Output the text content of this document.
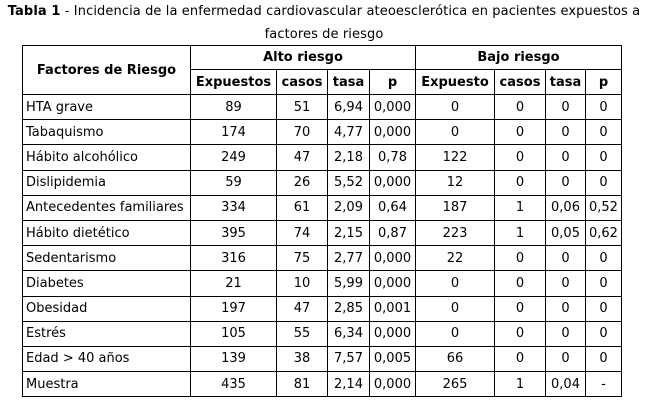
Tabla 1 - Incidencia de la enfermedad cardiovascular ateoesclerótica en pacientes expuestos a factores de riesgo
Factores de Riesgo	Alto riesgo				Bajo riesgo			
	Expuestos	casos	tasa	p	Expuesto	casos	tasa	p
HTA grave	89	51	6,94	0,000	0	0	0	0
Tabaquismo	174	70	4,77	0,000	0	0	0	0
Hábito alcohólico	249	47	2,18	0,78	122	0	0	0
Dislipidemia	59	26	5,52	0,000	12	0	0	0
Antecedentes familiares	334	61	2,09	0,64	187	1	0,06	0,52
Hábito dietético	395	74	2,15	0,87	223	1	0,05	0,62
Sedentarismo	316	75	2,77	0,000	22	0	0	0
Diabetes	21	10	5,99	0,000	0	0	0	0
Obesidad	197	47	2,85	0,001	0	0	0	0
Estrés	105	55	6,34	0,000	0	0	0	0
Edad > 40 años	139	38	7,57	0,005	66	0	0	0
Muestra	435	81	2,14	0,000	265	1	0,04	-
